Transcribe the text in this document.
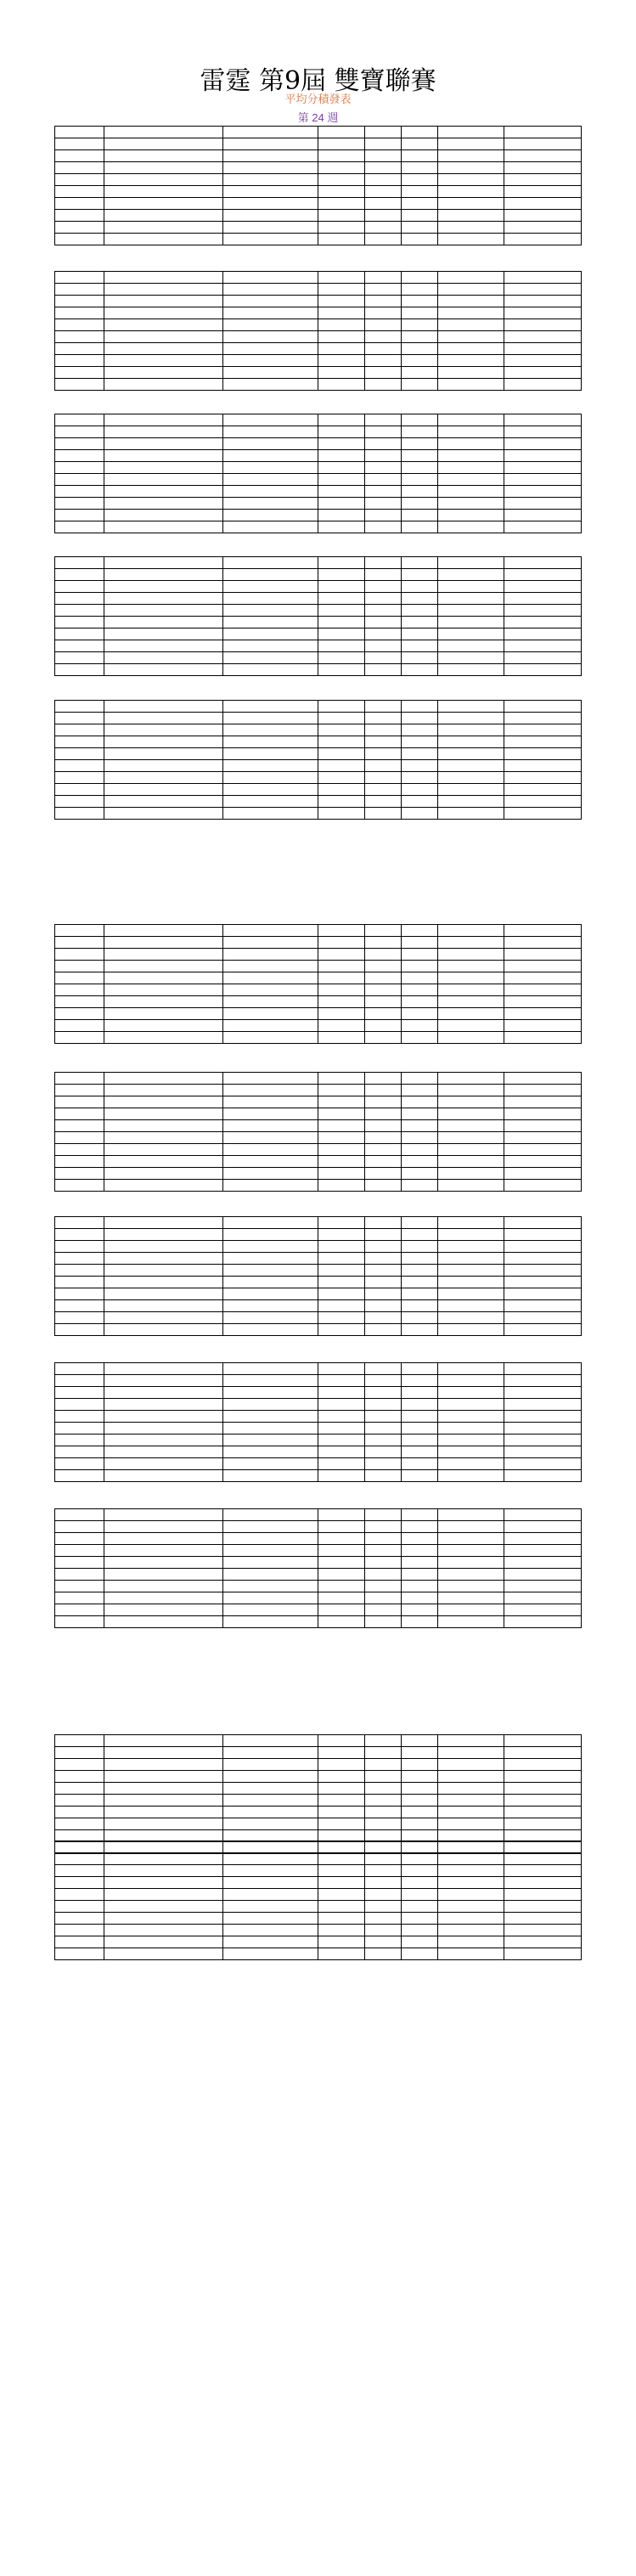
雷霆 第9屆 雙寶聯賽
平均分積發表
第 24 週
